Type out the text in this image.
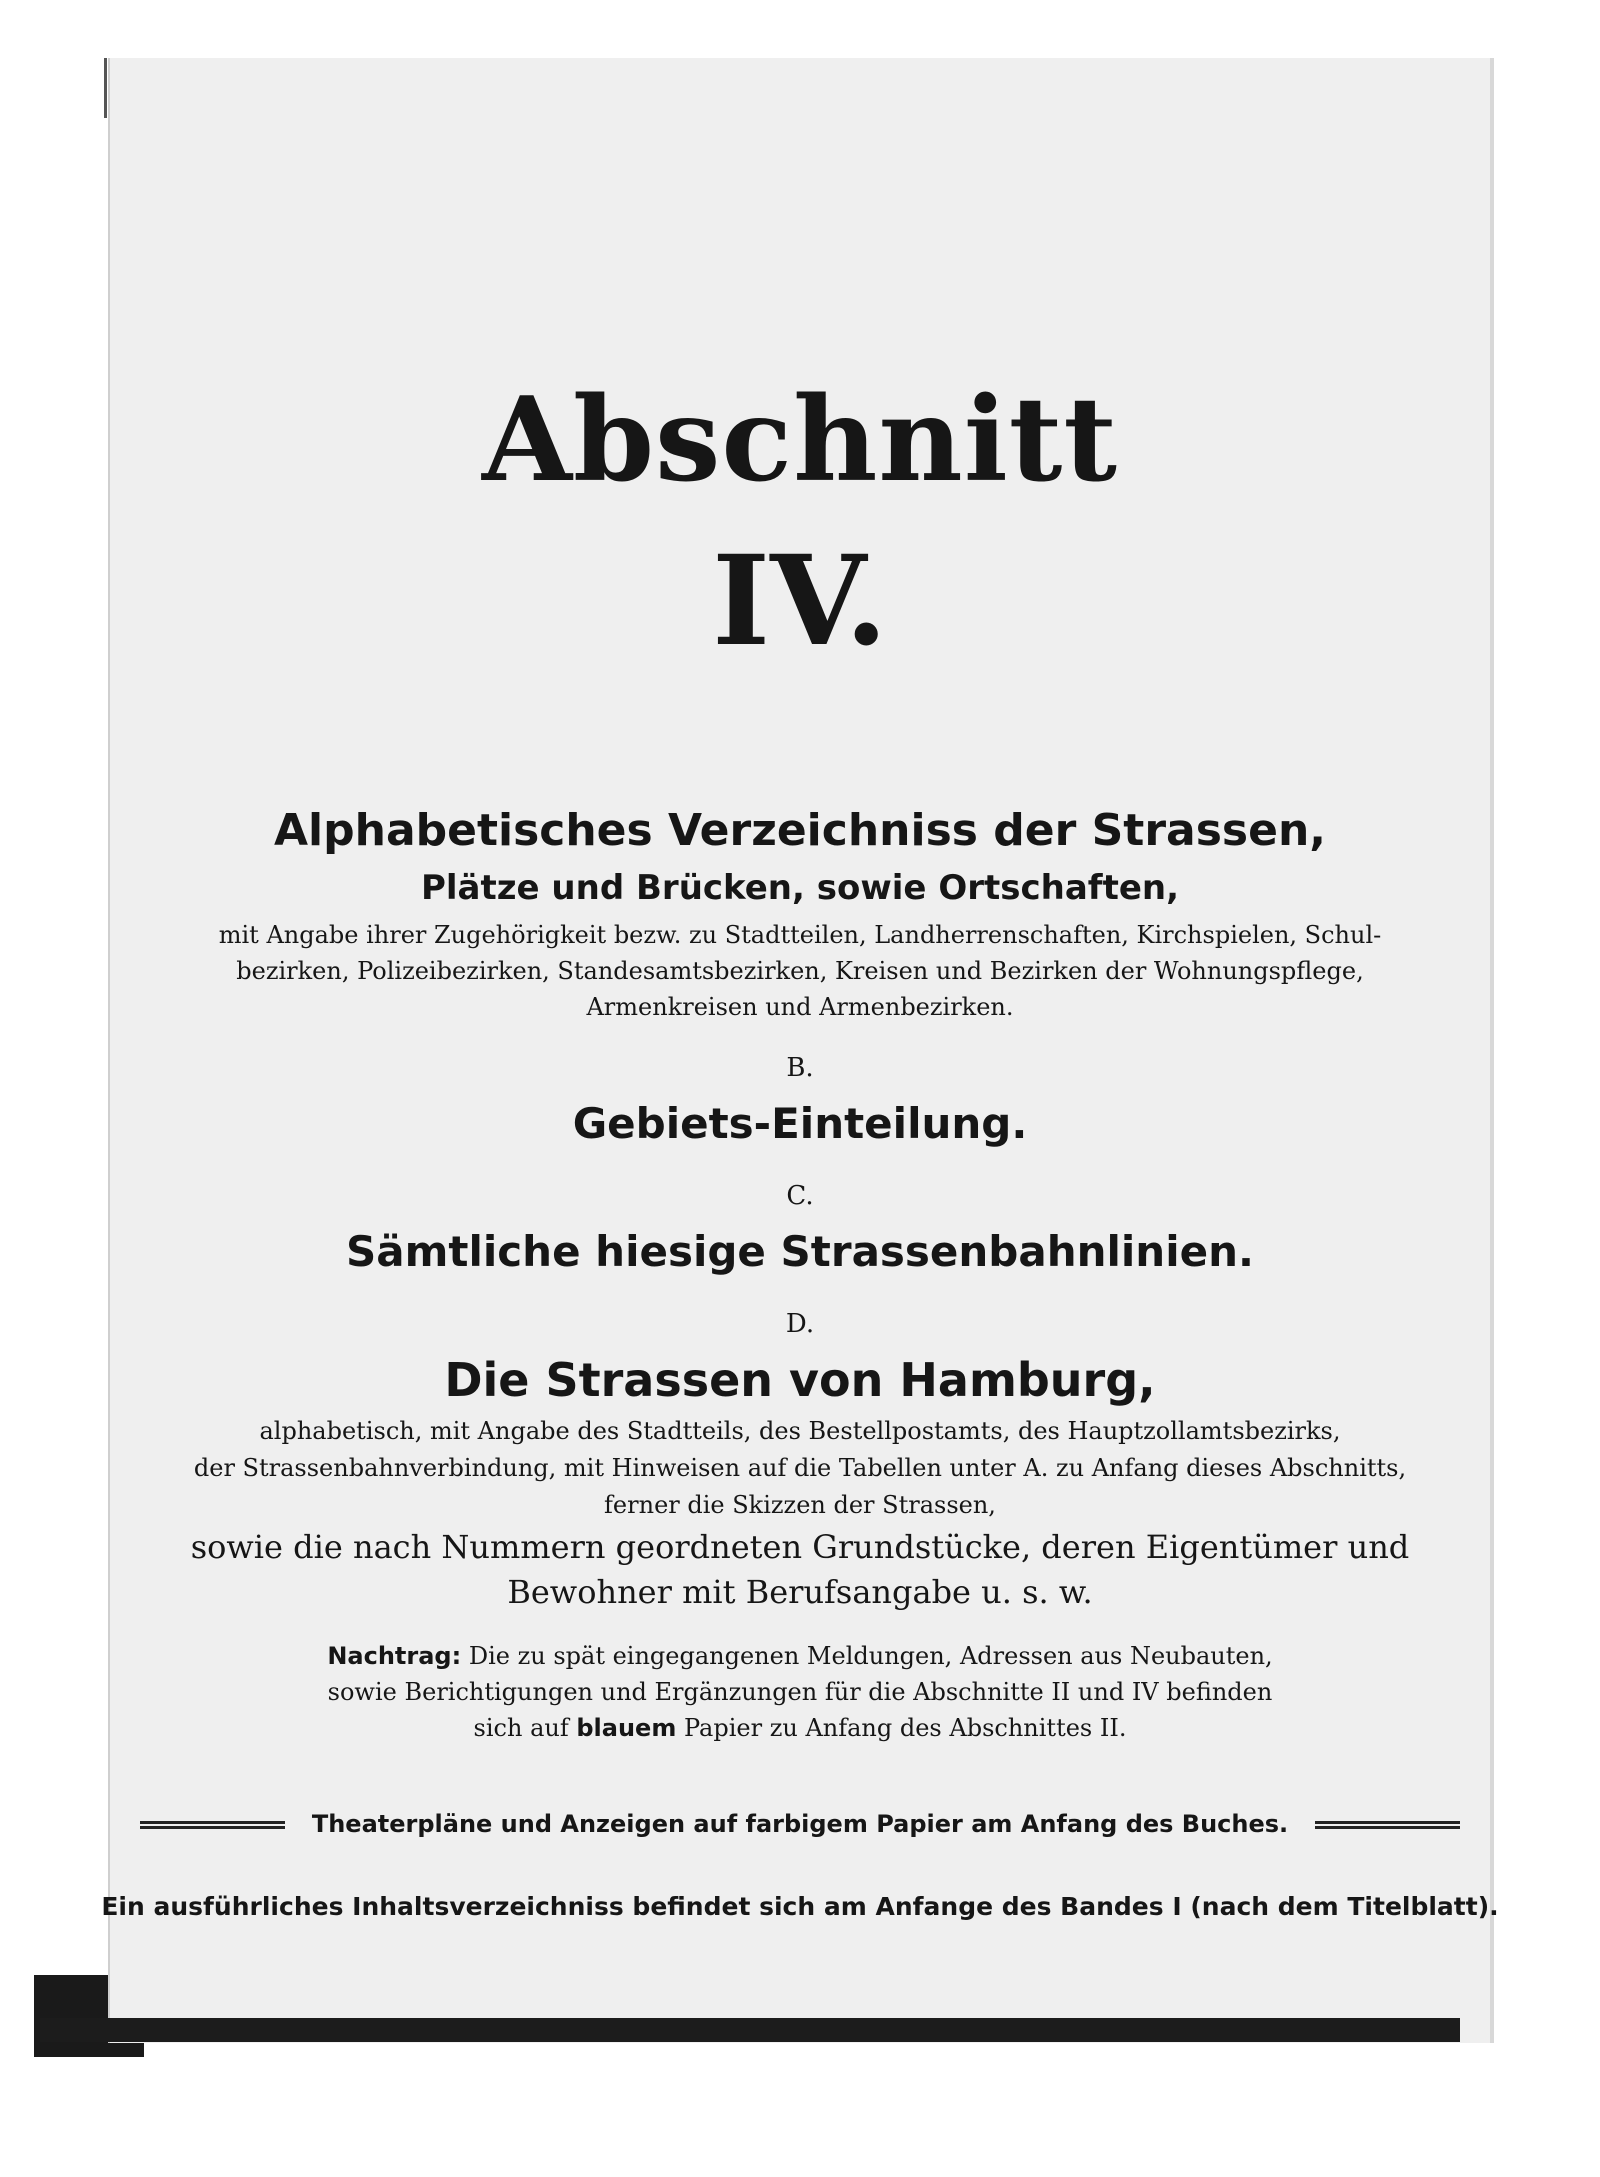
Abschnitt
IV.
Alphabetisches Verzeichniss der Strassen,
Plätze und Brücken, sowie Ortschaften,
mit Angabe ihrer Zugehörigkeit bezw. zu Stadtteilen, Landherrenschaften, Kirchspielen, Schul-
bezirken, Polizeibezirken, Standesamtsbezirken, Kreisen und Bezirken der Wohnungspflege,
Armenkreisen und Armenbezirken.
B.
Gebiets-Einteilung.
C.
Sämtliche hiesige Strassenbahnlinien.
D.
Die Strassen von Hamburg,
alphabetisch, mit Angabe des Stadtteils, des Bestellpostamts, des Hauptzollamtsbezirks,
der Strassenbahnverbindung, mit Hinweisen auf die Tabellen unter A. zu Anfang dieses Abschnitts,
ferner die Skizzen der Strassen,
sowie die nach Nummern geordneten Grundstücke, deren Eigentümer und
Bewohner mit Berufsangabe u. s. w.
Nachtrag: Die zu spät eingegangenen Meldungen, Adressen aus Neubauten,
sowie Berichtigungen und Ergänzungen für die Abschnitte II und IV befinden
sich auf blauem Papier zu Anfang des Abschnittes II.
Theaterpläne und Anzeigen auf farbigem Papier am Anfang des Buches.
Ein ausführliches Inhaltsverzeichniss befindet sich am Anfange des Bandes I (nach dem Titelblatt).
